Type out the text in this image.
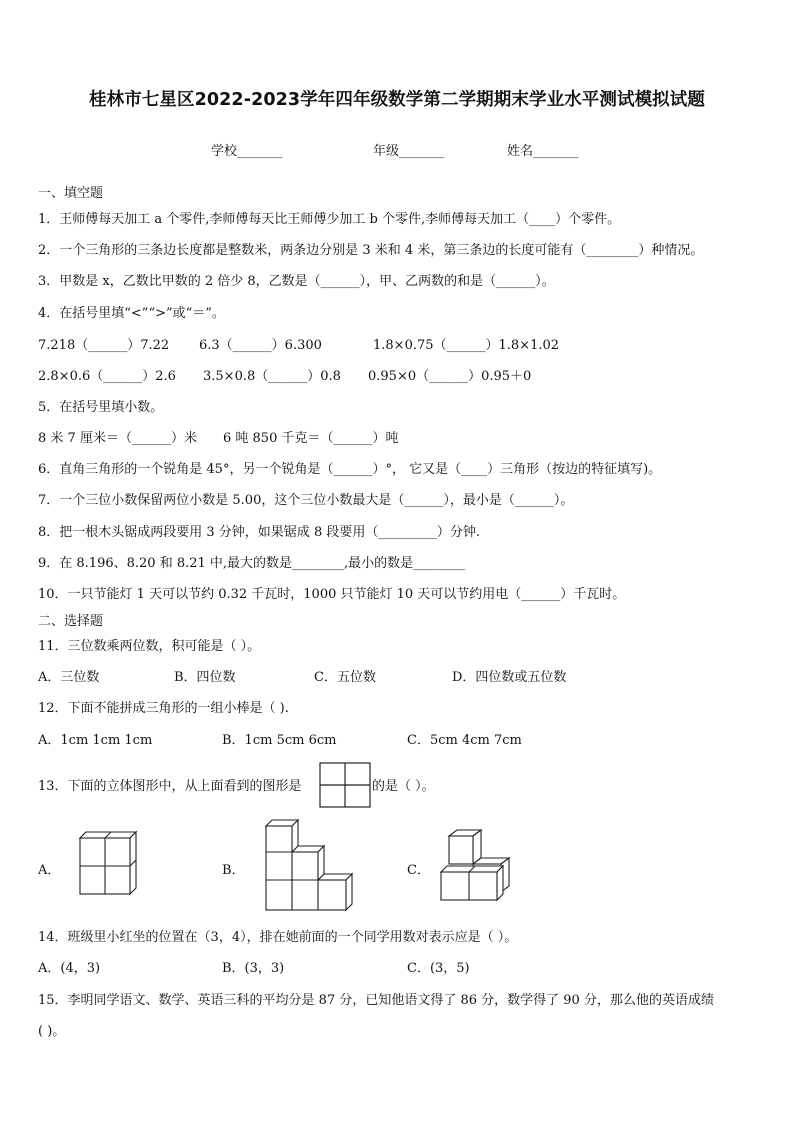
桂林市七星区2022-2023学年四年级数学第二学期期末学业水平测试模拟试题
学校_______	年级_______	姓名_______
一、填空题
1．王师傅每天加工 a 个零件,李师傅每天比王师傅少加工 b 个零件,李师傅每天加工（____）个零件。
2．一个三角形的三条边长度都是整数米，两条边分别是 3 米和 4 米，第三条边的长度可能有（________）种情况。
3．甲数是 x，乙数比甲数的 2 倍少 8，乙数是（______），甲、乙两数的和是（______）。
4．在括号里填“<”“>”或“＝”。
7.218（______）7.22 6.3（______）6.300	1.8×0.75（______）1.8×1.02
2.8×0.6（______）2.6 3.5×0.8（______）0.8 0.95×0（______）0.95＋0
5．在括号里填小数。
8 米 7 厘米＝（______）米 6 吨 850 千克＝（______）吨
6．直角三角形的一个锐角是 45°，另一个锐角是（______）°， 它又是（____）三角形（按边的特征填写)。
7．一个三位小数保留两位小数是 5.00，这个三位小数最大是（______），最小是（______）。
8．把一根木头锯成两段要用 3 分钟，如果锯成 8 段要用（_________）分钟.
9．在 8.196、8.20 和 8.21 中,最大的数是________,最小的数是________
10．一只节能灯 1 天可以节约 0.32 千瓦时，1000 只节能灯 10 天可以节约用电（______）千瓦时。
二、选择题
11．三位数乘两位数，积可能是（ ）。
A．三位数	B．四位数	C．五位数	D．四位数或五位数
12．下面不能拼成三角形的一组小棒是（ ).
A．1cm 1cm 1cm	B．1cm 5cm 6cm	C．5cm 4cm 7cm
13．下面的立体图形中，从上面看到的图形是	的是（ ）。
A．	B．	C．
14．班级里小红坐的位置在（3，4），排在她前面的一个同学用数对表示应是（ ）。
A．(4，3)	B．(3，3)	C．(3，5)
15．李明同学语文、数学、英语三科的平均分是 87 分，已知他语文得了 86 分，数学得了 90 分，那么他的英语成绩
( )。
